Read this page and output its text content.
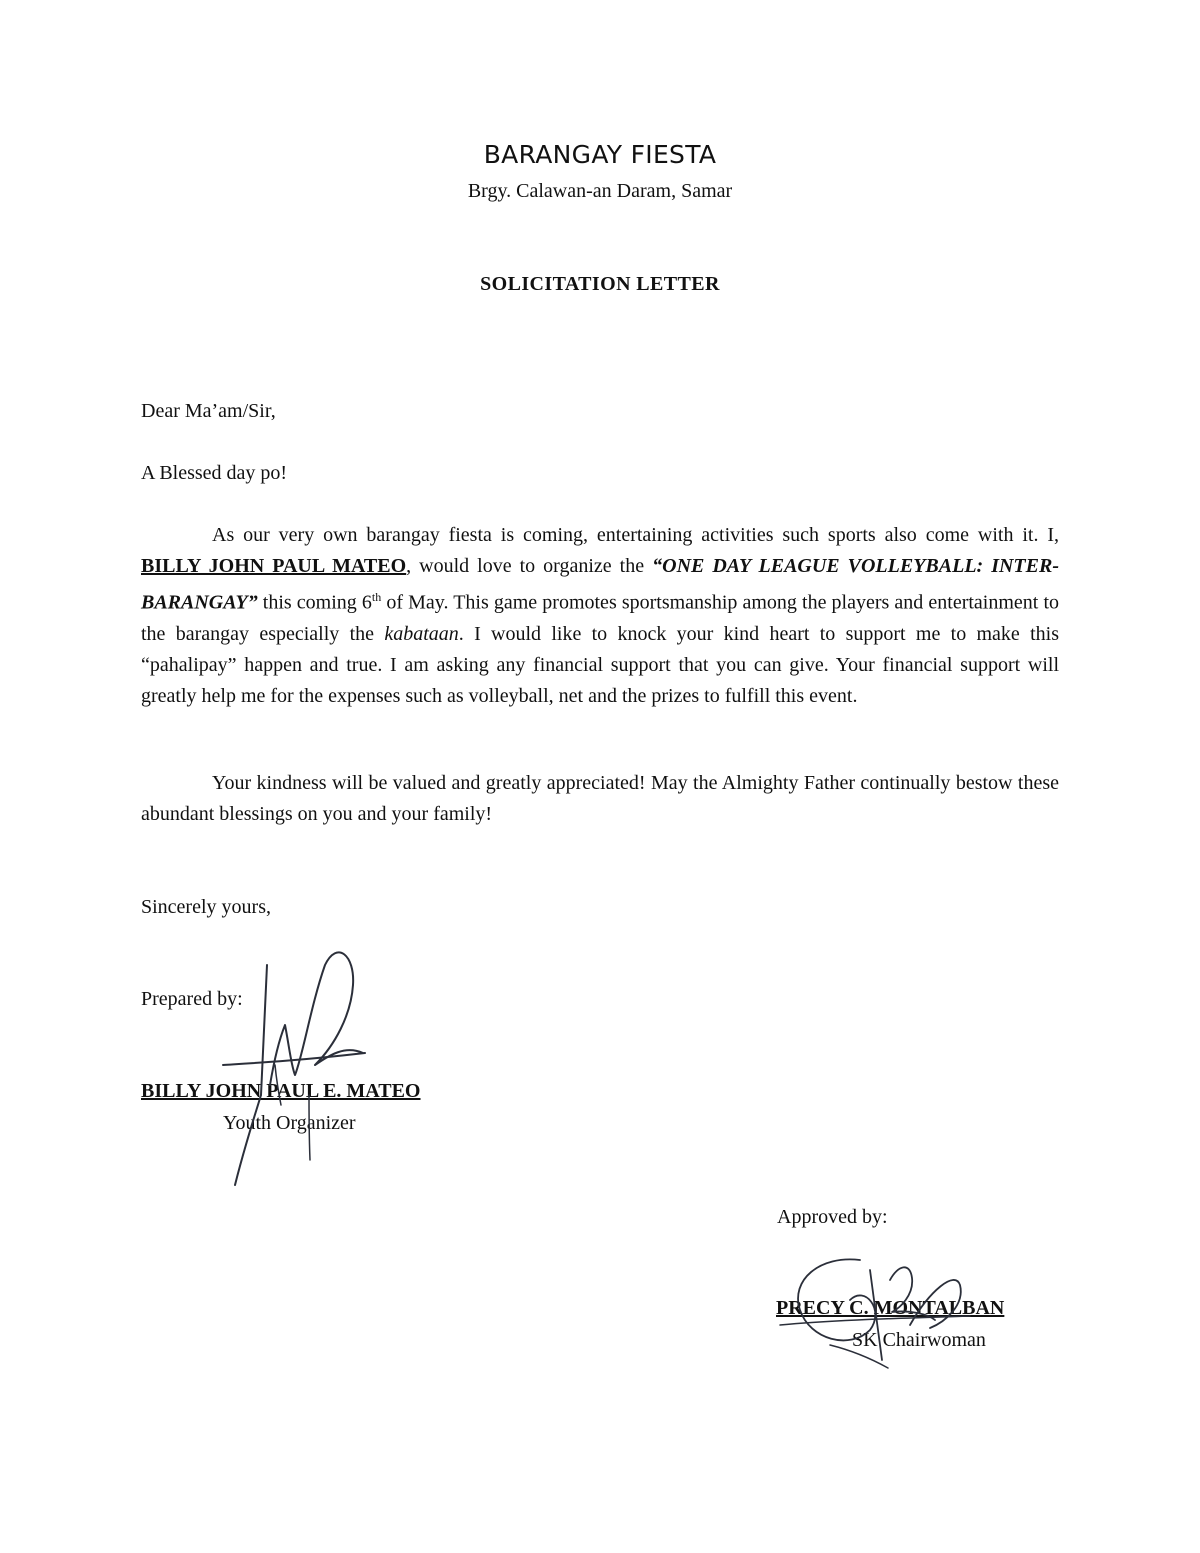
BARANGAY FIESTA
Brgy. Calawan-an Daram, Samar
SOLICITATION LETTER
Dear Ma’am/Sir,
A Blessed day po!

As our very own barangay fiesta is coming, entertaining activities such sports also come with it. I, BILLY JOHN PAUL MATEO, would love to organize the “ONE DAY LEAGUE VOLLEYBALL: INTER-BARANGAY” this coming 6th of May. This game promotes sportsmanship among the players and entertainment to the barangay especially the kabataan. I would like to knock your kind heart to support me to make this “pahalipay” happen and true. I am asking any financial support that you can give. Your financial support will greatly help me for the expenses such as volleyball, net and the prizes to fulfill this event.

Your kindness will be valued and greatly appreciated! May the Almighty Father continually bestow these abundant blessings on you and your family!

Sincerely yours,
Prepared by:
BILLY JOHN PAUL E. MATEO
Youth Organizer
Approved by:
PRECY C. MONTALBAN
SK Chairwoman
